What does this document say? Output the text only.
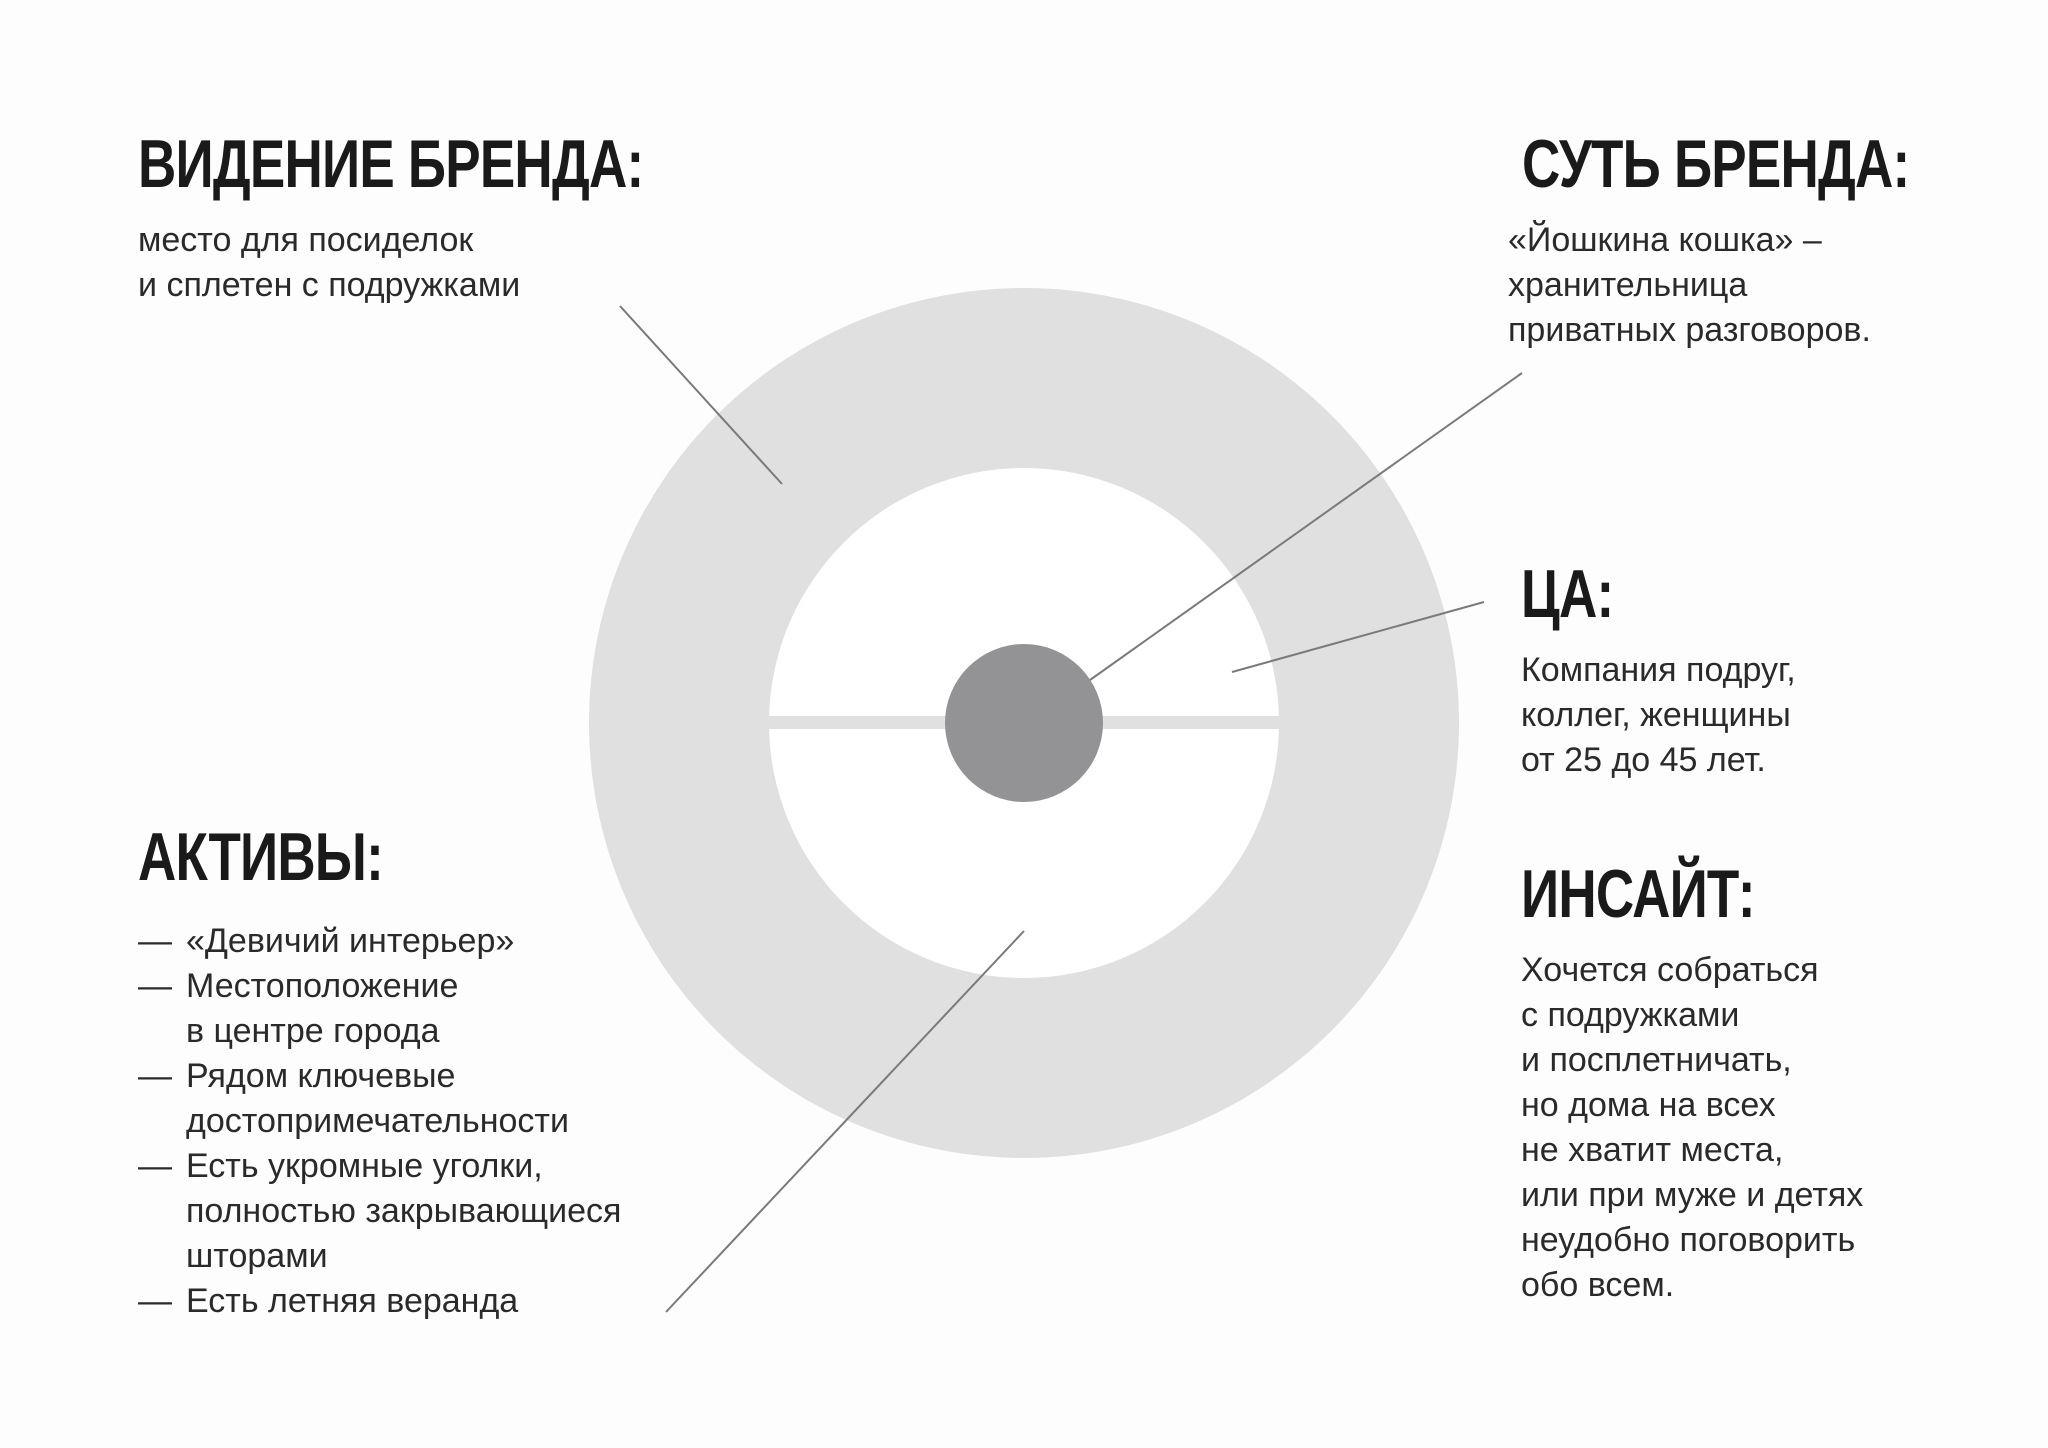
ВИДЕНИЕ БРЕНДА:
место для посиделок
и сплетен с подружками
СУТЬ БРЕНДА:
«Йошкина кошка» –
хранительница
приватных разговоров.
ЦА:
Компания подруг,
коллег, женщины
от 25 до 45 лет.
АКТИВЫ:
— «Девичий интерьер»
— Местоположение
в центре города
— Рядом ключевые
достопримечательности
— Есть укромные уголки,
полностью закрывающиеся
шторами
— Есть летняя веранда
ИНСАЙТ:
Хочется собраться
с подружками
и посплетничать,
но дома на всех
не хватит места,
или при муже и детях
неудобно поговорить
обо всем.
